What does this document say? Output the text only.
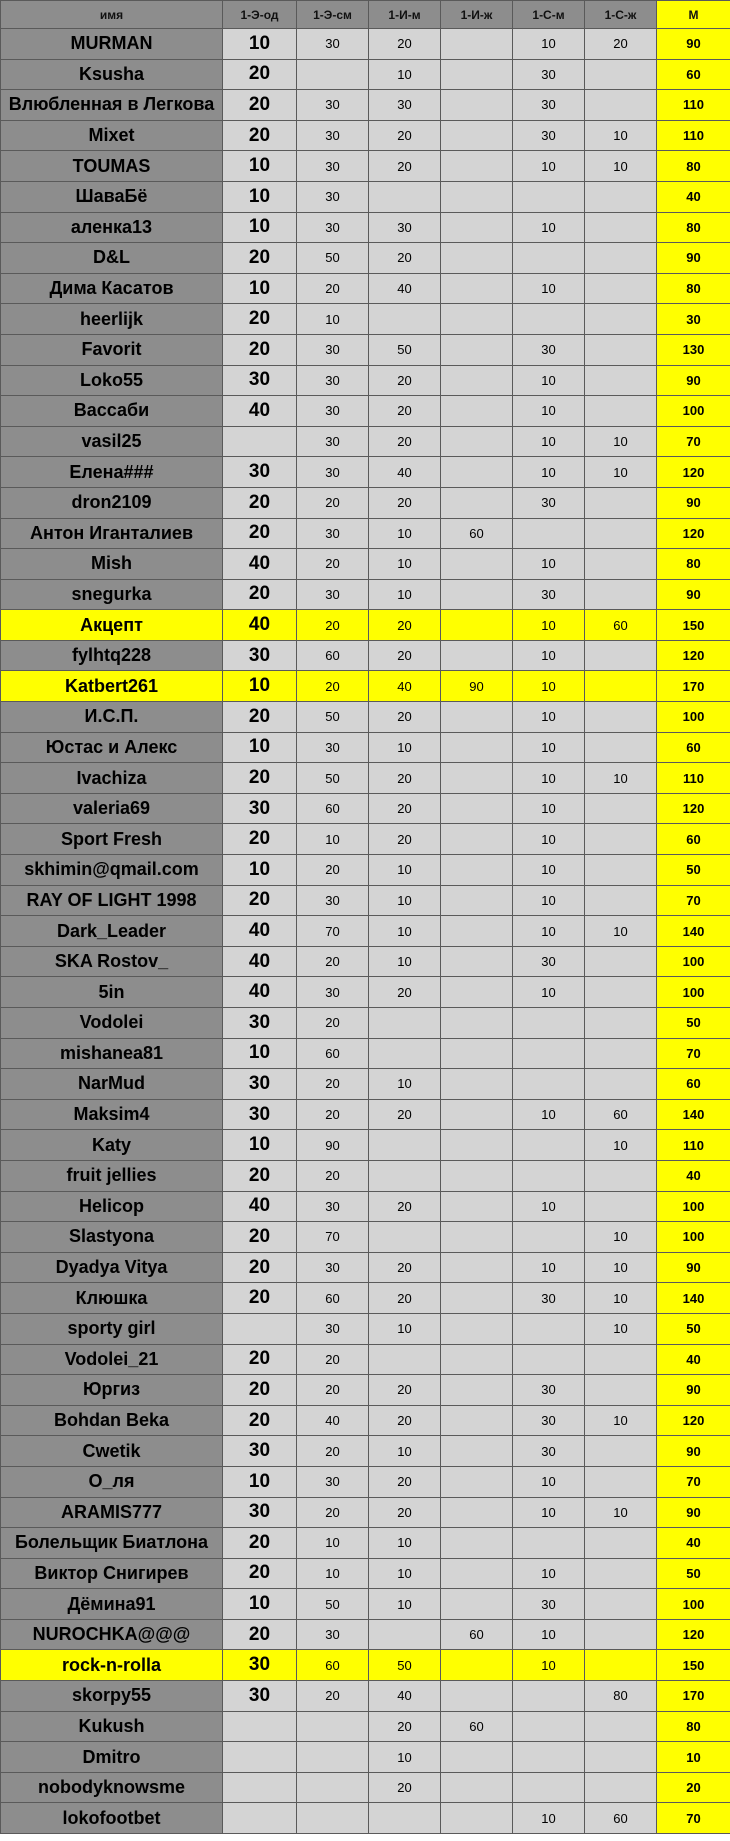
имя	1-Э-од	1-Э-см	1-И-м	1-И-ж	1-С-м	1-С-ж	М
MURMAN	10	30	20		10	20	90
Ksusha	20		10		30		60
Влюбленная в Легкова	20	30	30		30		110
Mixet	20	30	20		30	10	110
TOUMAS	10	30	20		10	10	80
ШаваБё	10	30					40
аленка13	10	30	30		10		80
D&L	20	50	20				90
Дима Касатов	10	20	40		10		80
heerlijk	20	10					30
Favorit	20	30	50		30		130
Loko55	30	30	20		10		90
Вассаби	40	30	20		10		100
vasil25		30	20		10	10	70
Елена###	30	30	40		10	10	120
dron2109	20	20	20		30		90
Антон Иганталиев	20	30	10	60			120
Mish	40	20	10		10		80
snegurka	20	30	10		30		90
Акцепт	40	20	20		10	60	150
fylhtq228	30	60	20		10		120
Katbert261	10	20	40	90	10		170
И.С.П.	20	50	20		10		100
Юстас и Алекс	10	30	10		10		60
Ivachiza	20	50	20		10	10	110
valeria69	30	60	20		10		120
Sport Fresh	20	10	20		10		60
skhimin@qmail.com	10	20	10		10		50
RAY OF LIGHT 1998	20	30	10		10		70
Dark_Leader	40	70	10		10	10	140
SKA Rostov_	40	20	10		30		100
5in	40	30	20		10		100
Vodolei	30	20					50
mishanea81	10	60					70
NarMud	30	20	10				60
Maksim4	30	20	20		10	60	140
Katy	10	90				10	110
fruit jellies	20	20					40
Helicop	40	30	20		10		100
Slastyona	20	70				10	100
Dyadya Vitya	20	30	20		10	10	90
Клюшка	20	60	20		30	10	140
sporty girl		30	10			10	50
Vodolei_21	20	20					40
Юргиз	20	20	20		30		90
Bohdan Beka	20	40	20		30	10	120
Cwetik	30	20	10		30		90
О_ля	10	30	20		10		70
ARAMIS777	30	20	20		10	10	90
Болельщик Биатлона	20	10	10				40
Виктор Снигирев	20	10	10		10		50
Дёмина91	10	50	10		30		100
NUROCHKA@@@	20	30		60	10		120
rock-n-rolla	30	60	50		10		150
skorpy55	30	20	40			80	170
Kukush			20	60			80
Dmitro			10				10
nobodyknowsme			20				20
lokofootbet					10	60	70
